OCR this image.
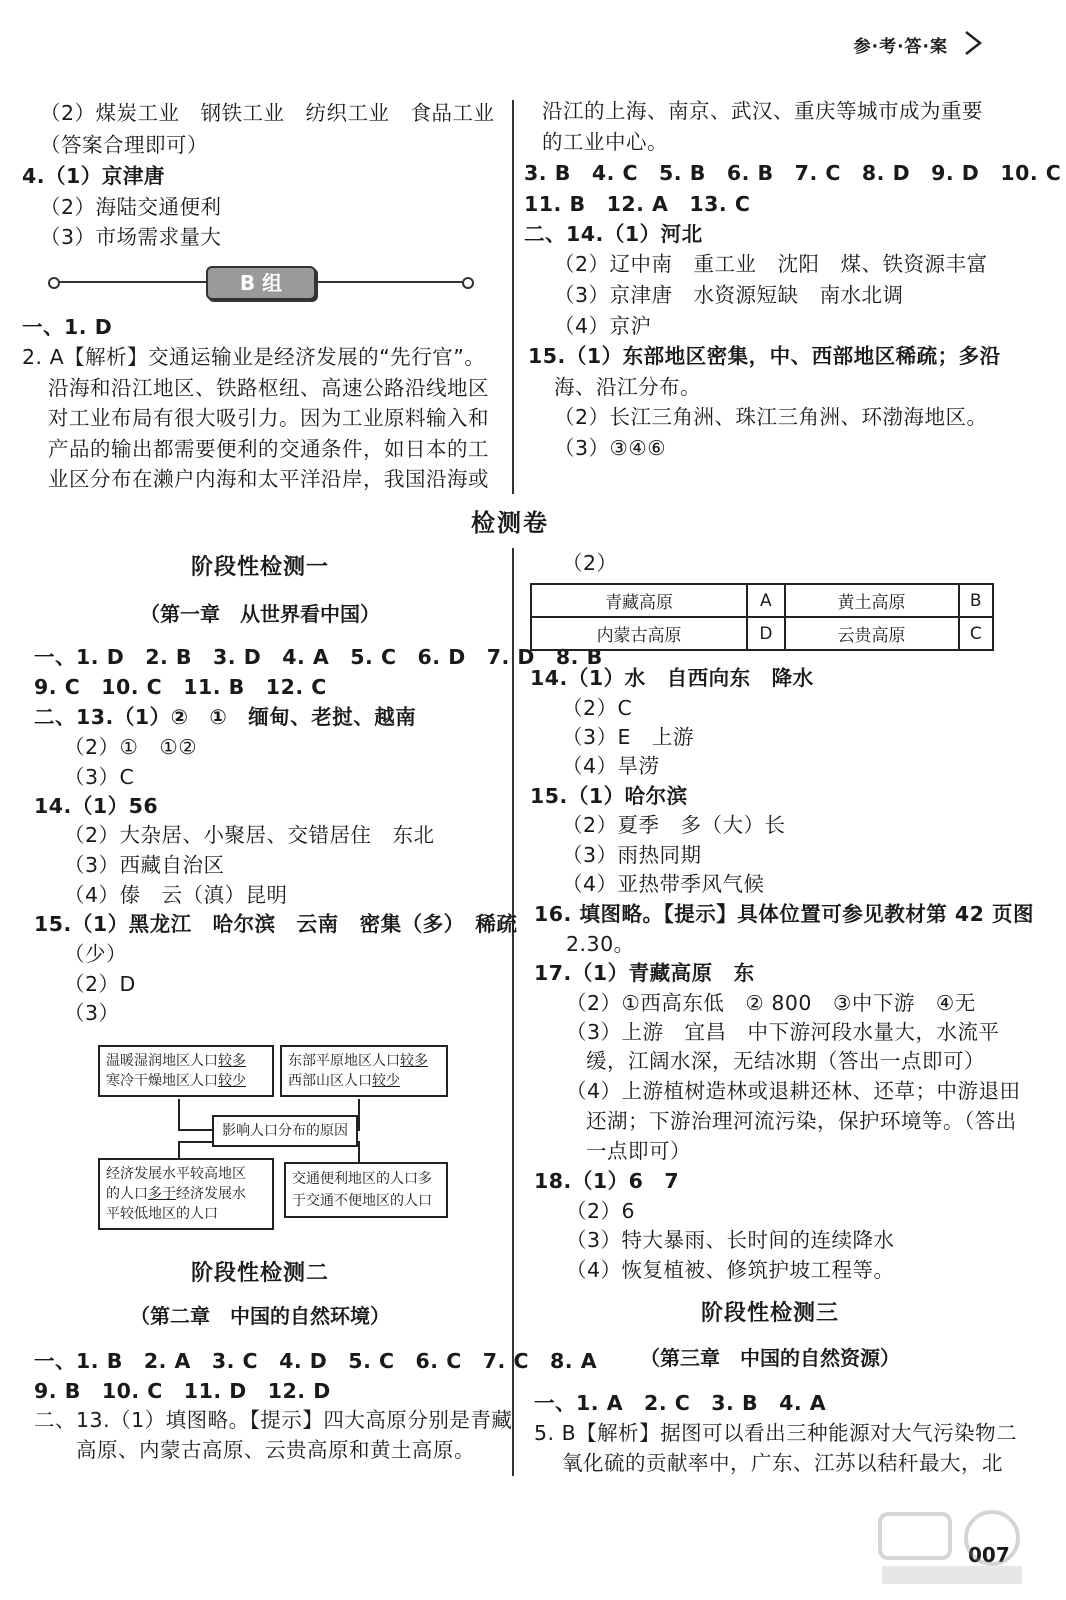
参·考·答·案
（2）煤炭工业　钢铁工业　纺织工业　食品工业
（答案合理即可）
4.（1）京津唐
（2）海陆交通便利
（3）市场需求量大
B 组
一、1. D
2. A【解析】交通运输业是经济发展的“先行官”。
沿海和沿江地区、铁路枢纽、高速公路沿线地区
对工业布局有很大吸引力。因为工业原料输入和
产品的输出都需要便利的交通条件，如日本的工
业区分布在濑户内海和太平洋沿岸，我国沿海或
沿江的上海、南京、武汉、重庆等城市成为重要
的工业中心。
3. B　4. C　5. B　6. B　7. C　8. D　9. D　10. C
11. B　12. A　13. C
二、14.（1）河北
（2）辽中南　重工业　沈阳　煤、铁资源丰富
（3）京津唐　水资源短缺　南水北调
（4）京沪
15.（1）东部地区密集，中、西部地区稀疏；多沿
海、沿江分布。
（2）长江三角洲、珠江三角洲、环渤海地区。
（3）③④⑥
检测卷
阶段性检测一
（第一章　从世界看中国）
一、1. D　2. B　3. D　4. A　5. C　6. D　7. D　8. B
9. C　10. C　11. B　12. C
二、13.（1）②　①　缅甸、老挝、越南
（2）①　①②
（3）C
14.（1）56
（2）大杂居、小聚居、交错居住　东北
（3）西藏自治区
（4）傣　云（滇）昆明
15.（1）黑龙江　哈尔滨　云南　密集（多）　稀疏
（少）
（2）D
（3）
温暖湿润地区人口较多
寒冷干燥地区人口较少
东部平原地区人口较多
西部山区人口较少
影响人口分布的原因
经济发展水平较高地区
的人口多于经济发展水
平较低地区的人口
交通便利地区的人口多
于交通不便地区的人口
阶段性检测二
（第二章　中国的自然环境）
一、1. B　2. A　3. C　4. D　5. C　6. C　7. C　8. A
9. B　10. C　11. D　12. D
二、13.（1）填图略。【提示】四大高原分别是青藏
高原、内蒙古高原、云贵高原和黄土高原。
（2）
青藏高原	A	黄土高原	B
内蒙古高原	D	云贵高原	C
14.（1）水　自西向东　降水
（2）C
（3）E　上游
（4）旱涝
15.（1）哈尔滨
（2）夏季　多（大）长
（3）雨热同期
（4）亚热带季风气候
16. 填图略。【提示】具体位置可参见教材第 42 页图
2.30。
17.（1）青藏高原　东
（2）①西高东低　② 800　③中下游　④无
（3）上游　宜昌　中下游河段水量大，水流平
缓，江阔水深，无结冰期（答出一点即可）
（4）上游植树造林或退耕还林、还草；中游退田
还湖；下游治理河流污染，保护环境等。（答出
一点即可）
18.（1）6　7
（2）6
（3）特大暴雨、长时间的连续降水
（4）恢复植被、修筑护坡工程等。
阶段性检测三
（第三章　中国的自然资源）
一、1. A　2. C　3. B　4. A
5. B【解析】据图可以看出三种能源对大气污染物二
氧化硫的贡献率中，广东、江苏以秸秆最大，北
007
